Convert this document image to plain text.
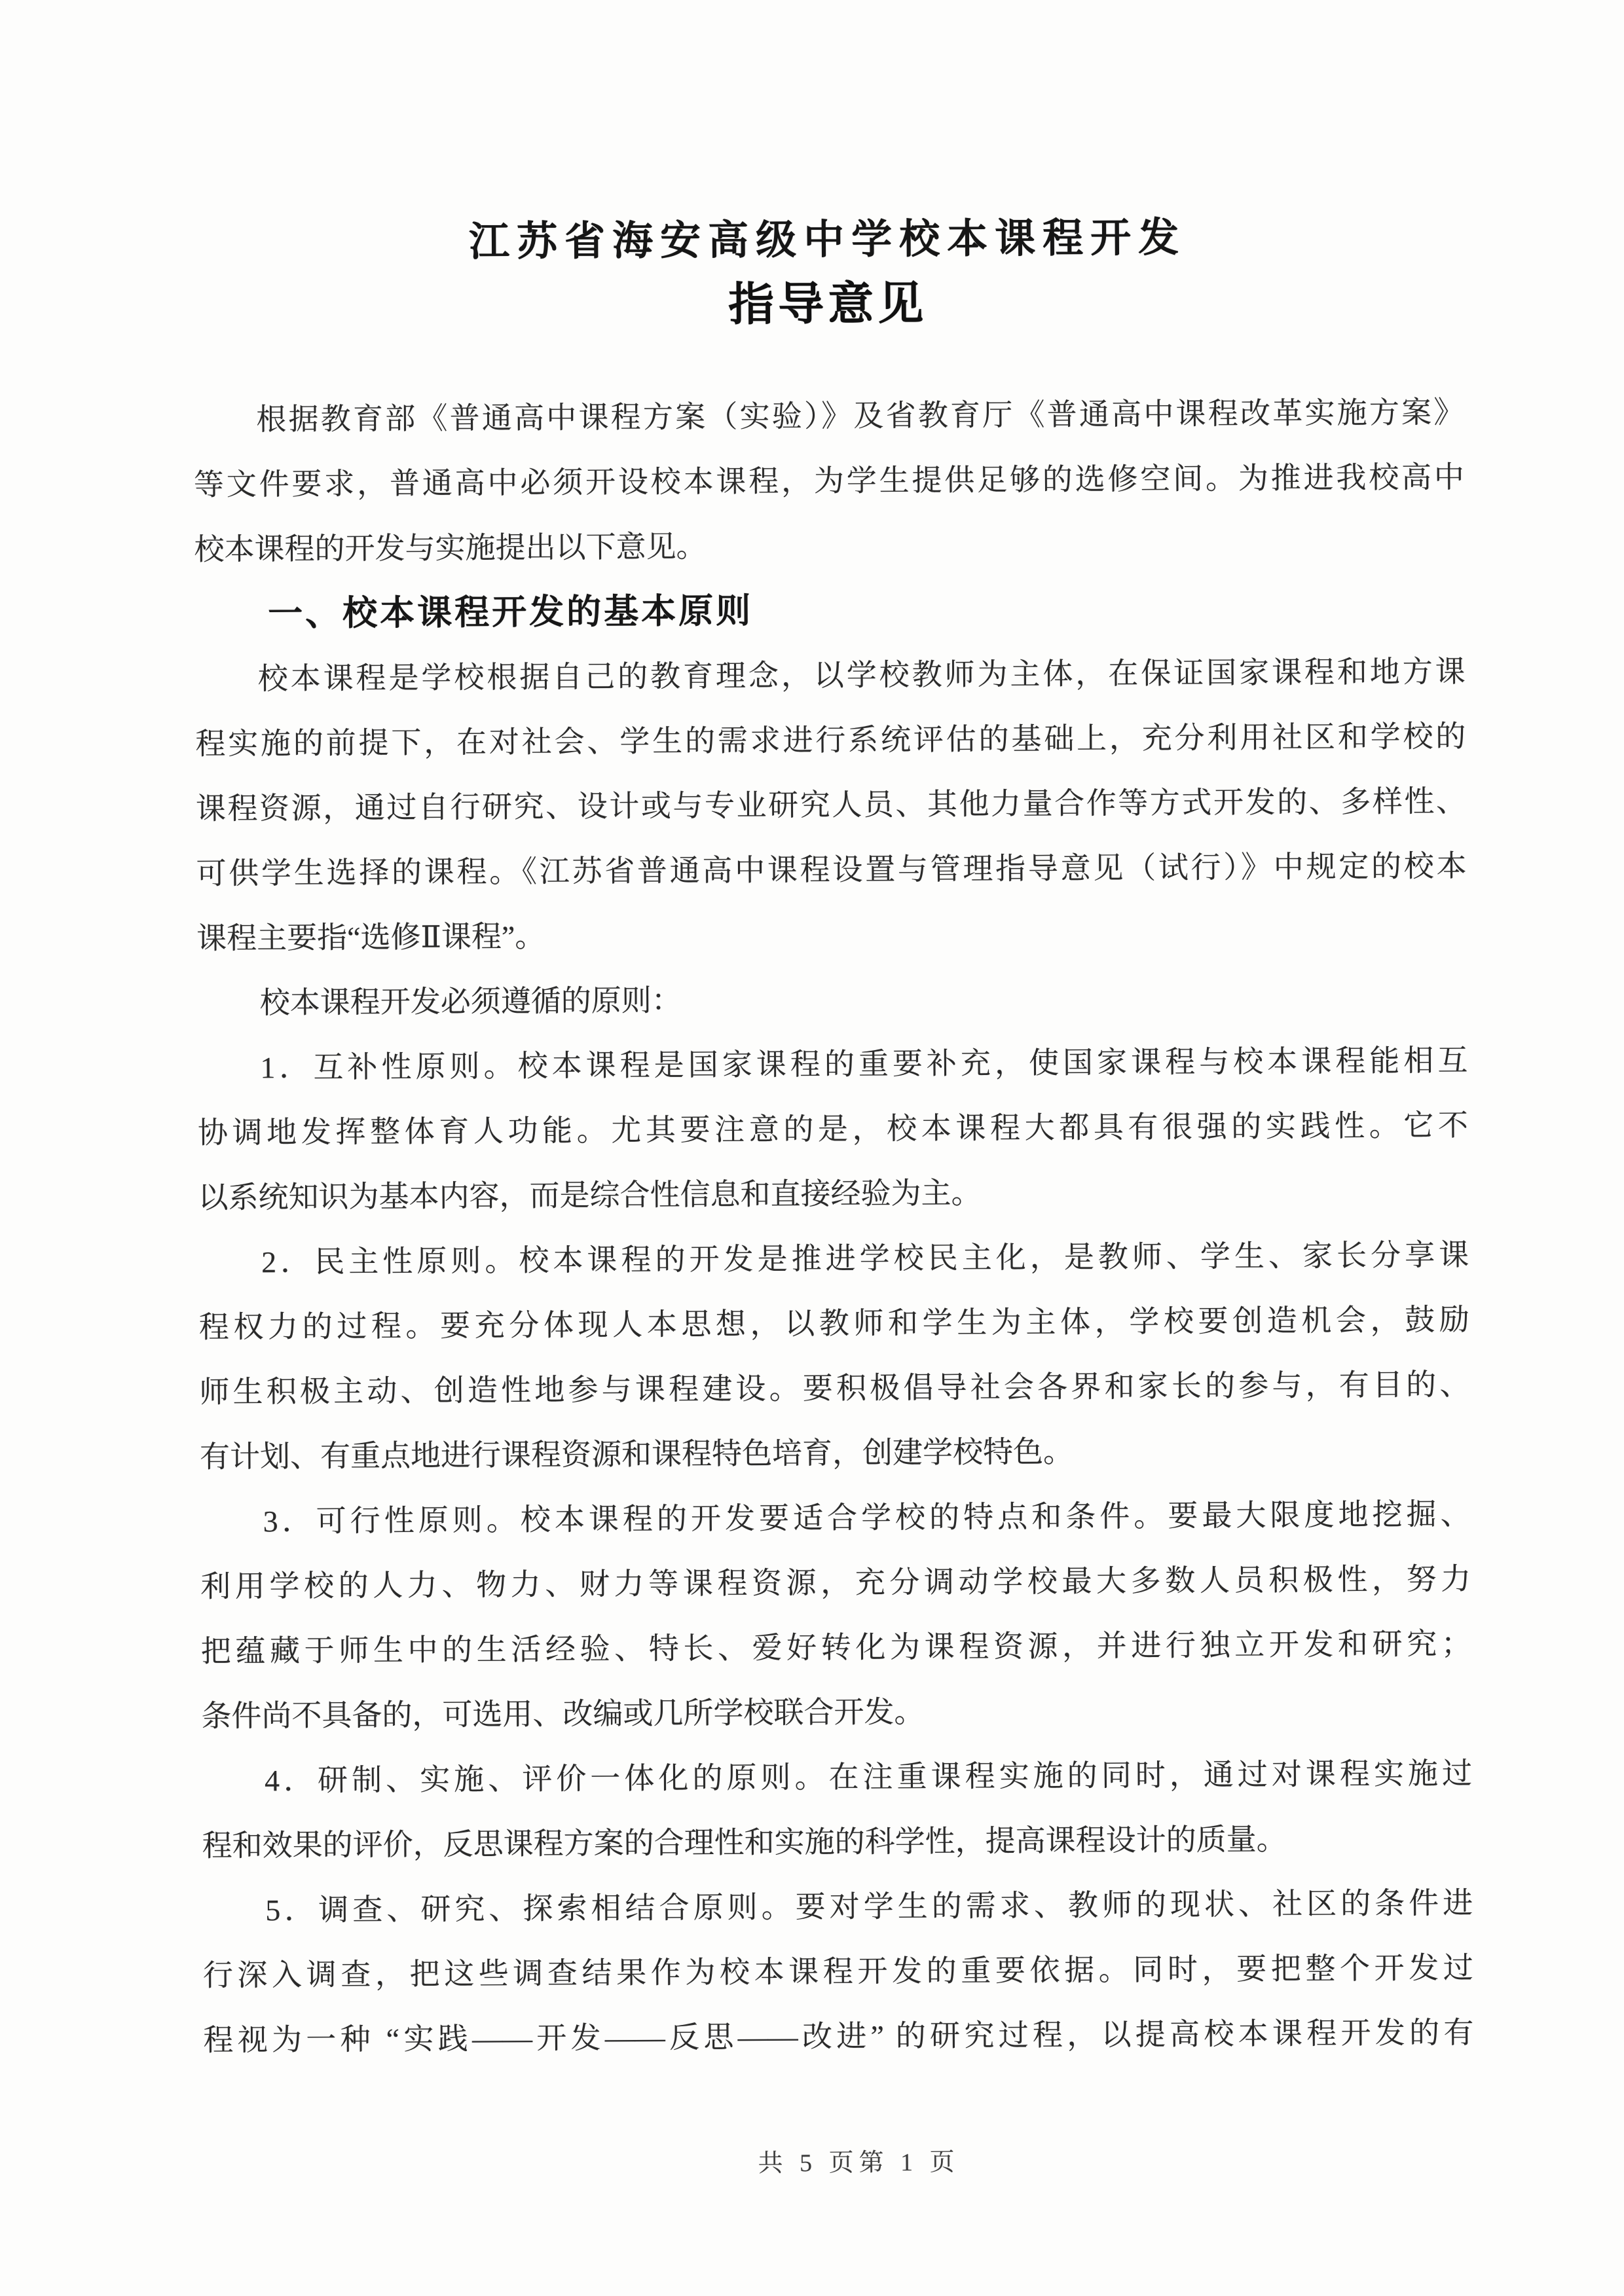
江苏省海安高级中学校本课程开发
指导意见
根据教育部《普通高中课程方案（实验）》及省教育厅《普通高中课程改革实施方案》
等文件要求，普通高中必须开设校本课程，为学生提供足够的选修空间。为推进我校高中
校本课程的开发与实施提出以下意见。
一、校本课程开发的基本原则
校本课程是学校根据自己的教育理念，以学校教师为主体，在保证国家课程和地方课
程实施的前提下，在对社会、学生的需求进行系统评估的基础上，充分利用社区和学校的
课程资源，通过自行研究、设计或与专业研究人员、其他力量合作等方式开发的、多样性、
可供学生选择的课程。《江苏省普通高中课程设置与管理指导意见（试行）》中规定的校本
课程主要指“选修Ⅱ课程”。
校本课程开发必须遵循的原则：
1．互补性原则。校本课程是国家课程的重要补充，使国家课程与校本课程能相互
协调地发挥整体育人功能。尤其要注意的是，校本课程大都具有很强的实践性。它不
以系统知识为基本内容，而是综合性信息和直接经验为主。
2．民主性原则。校本课程的开发是推进学校民主化，是教师、学生、家长分享课
程权力的过程。要充分体现人本思想，以教师和学生为主体，学校要创造机会，鼓励
师生积极主动、创造性地参与课程建设。要积极倡导社会各界和家长的参与，有目的、
有计划、有重点地进行课程资源和课程特色培育，创建学校特色。
3．可行性原则。校本课程的开发要适合学校的特点和条件。要最大限度地挖掘、
利用学校的人力、物力、财力等课程资源，充分调动学校最大多数人员积极性，努力
把蕴藏于师生中的生活经验、特长、爱好转化为课程资源，并进行独立开发和研究；
条件尚不具备的，可选用、改编或几所学校联合开发。
4．研制、实施、评价一体化的原则。在注重课程实施的同时，通过对课程实施过
程和效果的评价，反思课程方案的合理性和实施的科学性，提高课程设计的质量。
5．调查、研究、探索相结合原则。要对学生的需求、教师的现状、社区的条件进
行深入调查，把这些调查结果作为校本课程开发的重要依据。同时，要把整个开发过
程视为一种 “实践——开发——反思——改进” 的研究过程，以提高校本课程开发的有
共 5 页第 1 页
